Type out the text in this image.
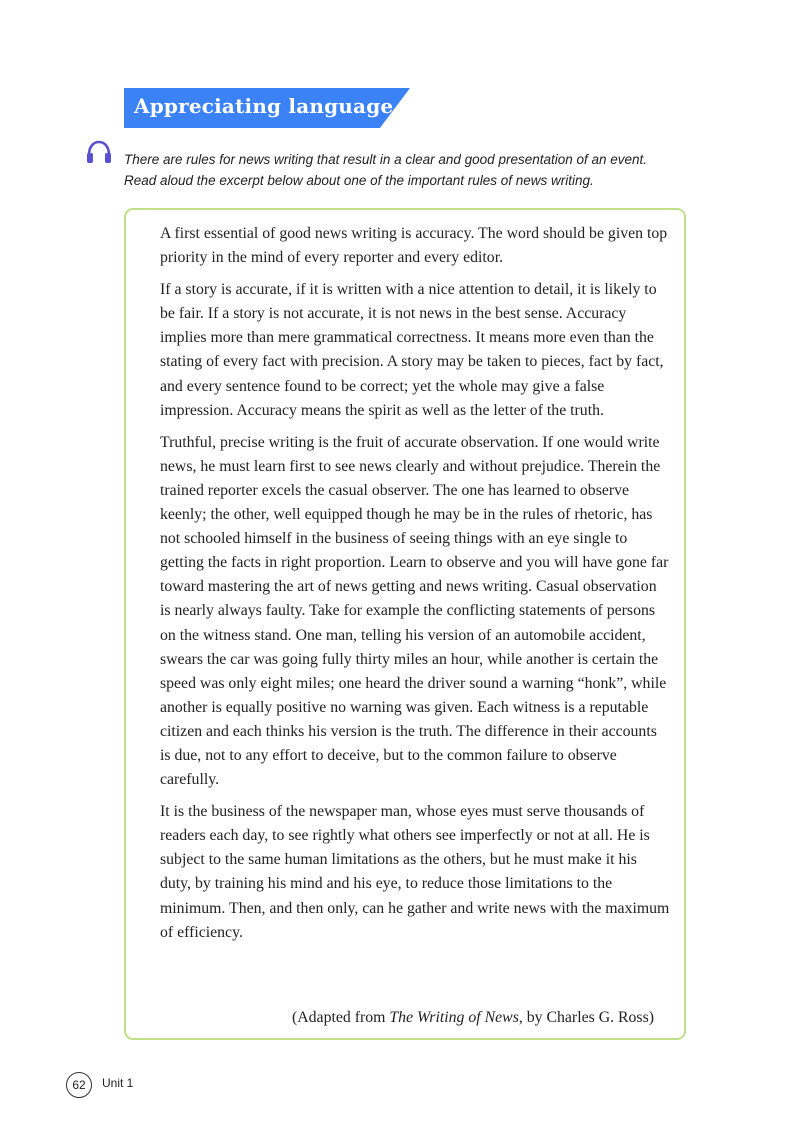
Appreciating language

There are rules for news writing that result in a clear and good presentation of an event.

Read aloud the excerpt below about one of the important rules of news writing.

A first essential of good news writing is accuracy. The word should be given top priority in the mind of every reporter and every editor.

If a story is accurate, if it is written with a nice attention to detail, it is likely to be fair. If a story is not accurate, it is not news in the best sense. Accuracy implies more than mere grammatical correctness. It means more even than the stating of every fact with precision. A story may be taken to pieces, fact by fact, and every sentence found to be correct; yet the whole may give a false impression. Accuracy means the spirit as well as the letter of the truth.

Truthful, precise writing is the fruit of accurate observation. If one would write news, he must learn first to see news clearly and without prejudice. Therein the trained reporter excels the casual observer. The one has learned to observe keenly; the other, well equipped though he may be in the rules of rhetoric, has not schooled himself in the business of seeing things with an eye single to getting the facts in right proportion. Learn to observe and you will have gone far toward mastering the art of news getting and news writing. Casual observation is nearly always faulty. Take for example the conflicting statements of persons on the witness stand. One man, telling his version of an automobile accident, swears the car was going fully thirty miles an hour, while another is certain the speed was only eight miles; one heard the driver sound a warning “honk”, while another is equally positive no warning was given. Each witness is a reputable citizen and each thinks his version is the truth. The difference in their accounts is due, not to any effort to deceive, but to the common failure to observe carefully.

It is the business of the newspaper man, whose eyes must serve thousands of readers each day, to see rightly what others see imperfectly or not at all. He is subject to the same human limitations as the others, but he must make it his duty, by training his mind and his eye, to reduce those limitations to the minimum. Then, and then only, can he gather and write news with the maximum of efficiency.

(Adapted from The Writing of News, by Charles G. Ross)
62	Unit 1
